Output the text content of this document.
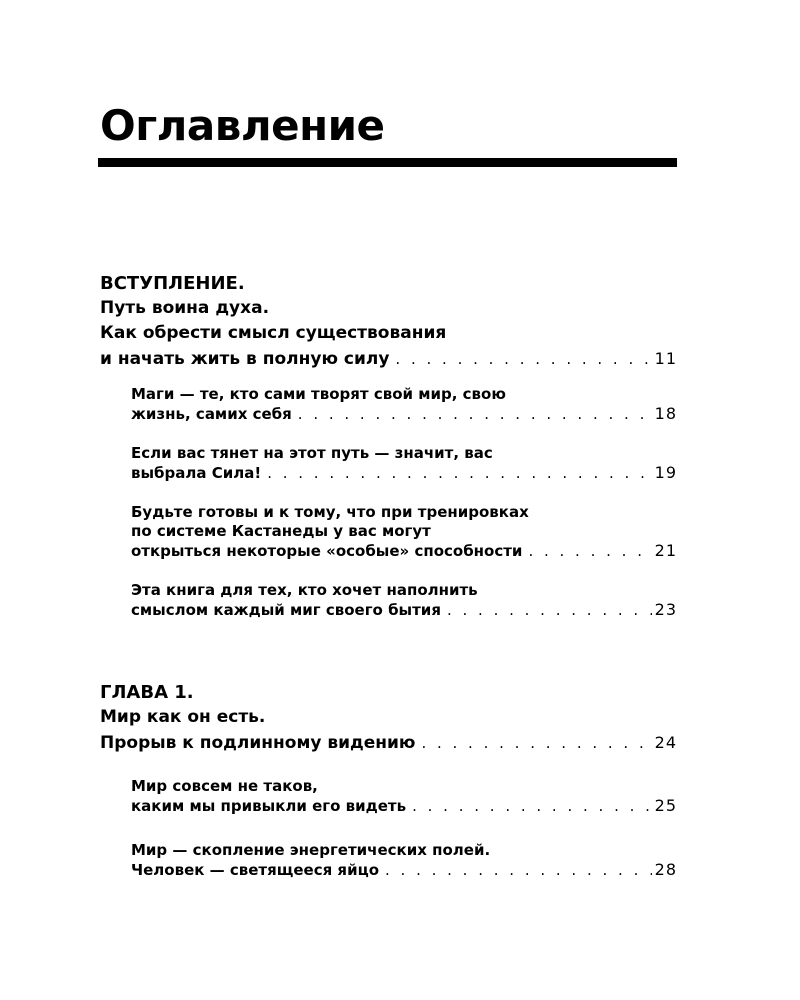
Оглавление

ВСТУПЛЕНИЕ.

Путь воина духа.

Как обрести смысл существования

и начать жить в полную силу . . .	11

Маги — те, кто сами творят свой мир, свою

жизнь, самих себя . . .	18

Если вас тянет на этот путь — значит, вас

выбрала Сила! . . .	19

Будьте готовы и к тому, что при тренировках

по системе Кастанеды у вас могут

открыться некоторые «особые» способности . . .	21

Эта книга для тех, кто хочет наполнить

смыслом каждый миг своего бытия . . .	23

ГЛАВА 1.

Мир как он есть.

Прорыв к подлинному видению . . .	24

Мир совсем не таков,

каким мы привыкли его видеть . . .	25

Мир — скопление энергетических полей.

Человек — светящееся яйцо . . .	28
